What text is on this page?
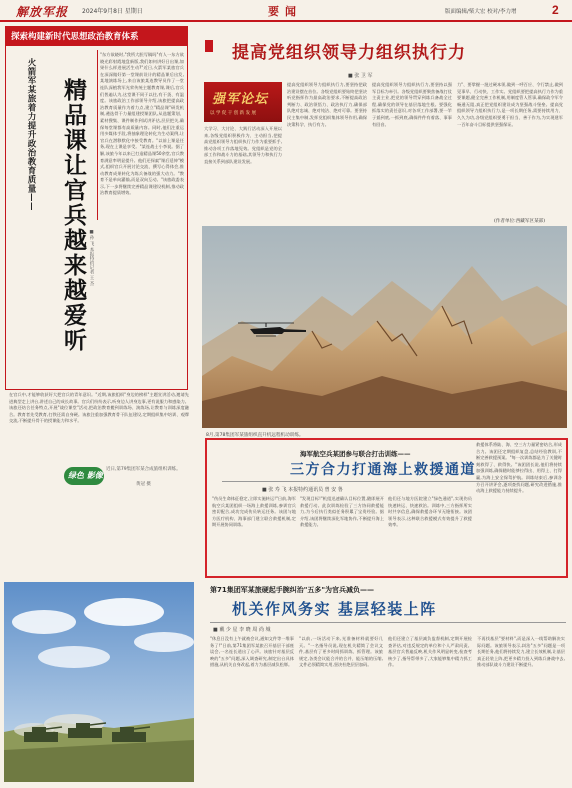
解放军报 2024年9月8日 星期日	要闻	版面编辑/柴大宏 校对/李力增	2
探索构建新时代思想政治教育体系
火箭军某旅着力提升政治教育质量——	精品课让官兵越来越爱听 ■孙 飞 本报特约记者 王 杰
"东方欲晓时,"我所大胆写稿吗"有人一东方欲晓光彩射霞地盘新版,我们如何讲好日出课,如果什么样进展活生动?"近日,火箭军某旅官兵在深深做好第一堂课前设计的精品课后出发,某地演练场上,来自该旅某连教导员作了一堂连队深植我军光荣传统主题教育课,课后,官兵们普遍认为,这堂课不同于以往,有干货、有温度。该旅政治工作部领导介绍,该旅把提高政治教育质量作为着力点,建立"精品课"研发机制,遴选骨干力量组建授课团队,从选题策划、素材搜集、课件制作到试讲评估,层层把关,确保每堂课都有高质量内容。同时,他们注重运用多媒体手段,将抽象理论转化为生动案例,让官兵在潜移默化中接受教育。"以前上课是任务,现在上课是享受。"某连战士小李说。据了解,该旅今年以来已打造精品课50余堂,官兵教育满意率明显提升。他们还探索"课后延伸"模式,组织官兵开展讨论交流、撰写心得体会,推动教育成果转化为练兵备战的强大动力。"教育不是单向灌输,而是双向互动。"该旅政委表示,下一步将继续完善精品课建设机制,推动政治教育提质增效。
在官兵中,才能够收获好大把官兵的青年意识。"近期,该旅组织"身边的榜样"主题宣讲活动,邀请先进典型走上讲台,讲述自己的成长故事。官兵们纷纷表示,听身边人讲身边事,更有说服力和感染力。该旅还结合任务特点,开展"战位课堂"活动,把政治教育搬到训练场、演练场,让教育与训练深度融合。教育者先受教育,打铁还需自身硬。该旅注重加强教育骨干队伍建设,定期组织集中培训、观摩交流,不断提升骨干的授课能力和水平。
绿色 影像
近日,第79集团军某合成旅组织训练。
黄冠 摄
提高党组织领导力组织执行力
■ 张 卫 军
强军论坛
以 学 促 干 创 新 发 展
大学习、大讨论、大践行活动深入开展以来,各级党组织积极作为、主动担当,把提高党组织领导力组织执行力作为重要抓手,推动各项工作落地见效。党组织是党的全部工作和战斗力的基础,其领导力和执行力直接关系到部队建设发展。
提高党组织领导力组织执行力,要坚持把政治建设摆在首位。各级党组织要始终把坚决听党指挥作为最高政治要求,不断提高政治判断力、政治领悟力、政治执行力,确保部队绝对忠诚、绝对纯洁、绝对可靠。要坚持民主集中制,发挥党组织集体领导作用,确保决策科学、执行有力。
提高党组织领导力组织执行力,要坚持以强军目标为牵引。各级党组织要聚焦备战打仗主责主业,把党的领导贯穿到练兵备战全过程,确保党的领导在基层落地生根。要强化抓落实的责任意识,对各项工作部署,要一竿子插到底,一抓到底,确保件件有着落、事事有回音。
力"、要掌握一批过硬本领,做到一呼百应、令行禁止,做到见事早、行动快、工作实。党组织要把提高执行力作为重要课题,健全完善工作机制,用制度管人管事,确保政令军令畅通无阻,真正把党组织建设成为坚强战斗堡垒。提高党组织领导力组织执行力,是一项长期任务,需要持续用力、久久为功,各级党组织要勇于担当、善于作为,为实现建军一百年奋斗目标提供坚强保证。
(作者单位:西藏军区某部)
8月,第78集团军某旅组织直升机远程机动训练。
海军航空兵某团参与联合打击训练——
三方合力打通海上救援通道
■ 张 寿 飞 本报特约通讯员 曾 安 鲁
"伤员生命体征稳定,立即实施转运!"日前,海军航空兵某团组织一场海上救援训练,参训官兵密切配合,成功完成伤员转运任务。该团与地方医疗机构、海事部门建立联合救援机制,定期开展协同训练。
"发现目标!"机组迅速确认目标位置,随即展开救援行动。此次训练检验了三方协同救援能力,为今后执行类似任务积累了宝贵经验。据介绍,该团将继续深化军地协作,不断提升海上救援能力。
他们还与地方医院建立"绿色通道",实现伤员快速转运、快速救治。训练中,三方指挥所实时共享信息,确保救援各环节无缝衔接。该团领导表示,这种联合救援模式有效提升了救援效率。
救援体系将陆、海、空三方力量紧密结合,形成合力。该团还定期组织复盘,总结经验教训,不断完善救援预案。"每一次训练都是为了关键时刻救得了、救得快。"该团团长说,他们将持续加强训练,确保随时能够拉得出、用得上、打得赢,为海上安全保驾护航。训练结束后,参训各方召开讲评会,逐项查找问题,研究改进措施,推动海上救援能力持续提升。
第71集团军某旅硬起手腕纠治"五多"为官兵减负——
机关作风务实 基层轻装上阵
■ 戴 少 星 李 晓 周 尚 城
"休息日没有上午就被会议,通知文件等一堆事务了!"日前,第71集团军某旅召开基层干部座谈会,一名连长道出了心声。该旅针对基层反映的"五多"问题,深入调查研究,制定出台具体措施,从机关自身改起,着力为基层减负松绑。
"以前,一场活动下来,光准备材料就要好几天。"一名指导员说,现在机关精简了会议文件,基层有了更多时间抓训练、抓管理。该旅规定,各类会议能合并的合并、能压缩的压缩,文件必须精简实用,坚决杜绝层层加码。
他们还建立了基层减负监督机制,定期开展检查评估,对违反规定的单位和个人严肃问责。基层官兵普遍反映,机关作风明显转变,检查考核少了,指导帮带多了,大家能够集中精力抓工作。
不再找基层"要材料",而是深入一线帮助解决实际问题。该旅领导表示,纠治"五多"问题是一项长期任务,他们将持续发力,建立长效机制,让基层真正轻装上阵,把更多精力投入到练兵备战中去,推动部队战斗力建设不断提升。
